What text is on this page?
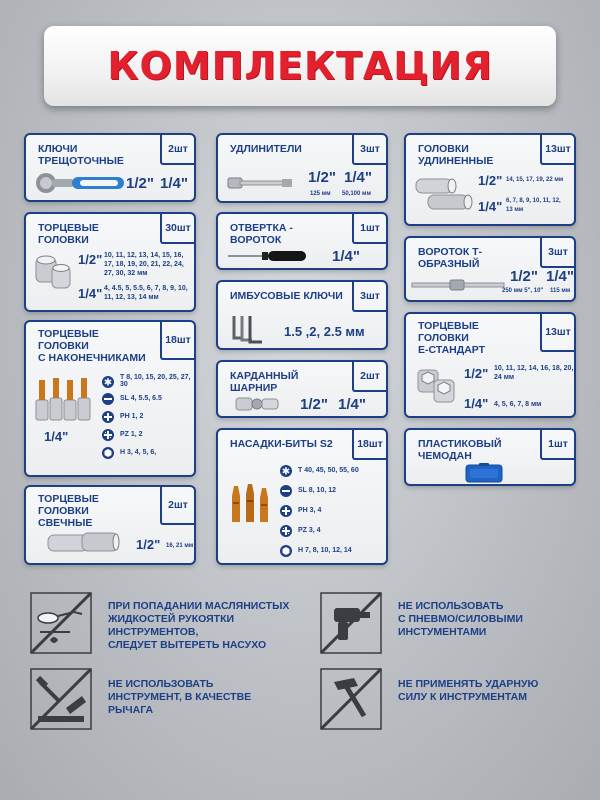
КОМПЛЕКТАЦИЯ
КЛЮЧИ ТРЕЩОТОЧНЫЕ
2шт
1/2" 1/4"
ТОРЦЕВЫЕ ГОЛОВКИ
30шт
1/2" 10, 11, 12, 13, 14, 15, 16, 17, 18, 19, 20, 21, 22, 24, 27, 30, 32 мм
1/4" 4, 4.5, 5, 5.5, 6, 7, 8, 9, 10, 11, 12, 13, 14 мм
ТОРЦЕВЫЕ ГОЛОВКИ
С НАКОНЕЧНИКАМИ
18шт
1/4"
✱ T 8, 10, 15, 20, 25, 27, 30
SL 4, 5.5, 6.5
PH 1, 2
PZ 1, 2
H 3, 4, 5, 6,
ТОРЦЕВЫЕ ГОЛОВКИ
СВЕЧНЫЕ
2шт
1/2" 16, 21 мм
УДЛИНИТЕЛИ	3шт
1/2" 1/4"
125 мм 50,100 мм
ОТВЕРТКА - ВОРОТОК
1шт
1/4"
ИМБУСОВЫЕ КЛЮЧИ	3шт
1.5 ,2, 2.5 мм
КАРДАННЫЙ ШАРНИР
2шт
1/2" 1/4"
НАСАДКИ-БИТЫ S2	18шт
✱ T 40, 45, 50, 55, 60
SL 8, 10, 12
PH 3, 4
PZ 3, 4
H 7, 8, 10, 12, 14
ГОЛОВКИ УДЛИНЕННЫЕ
13шт
1/2" 14, 15, 17, 19, 22 мм
1/4" 6, 7, 8, 9, 10, 11, 12, 13 мм
ВОРОТОК Т-ОБРАЗНЫЙ
3шт
1/2" 1/4"
250 мм 5", 10" 115 мм
ТОРЦЕВЫЕ ГОЛОВКИ
E-СТАНДАРТ
13шт
1/2" 10, 11, 12, 14, 16, 18, 20, 24 мм
1/4" 4, 5, 6, 7, 8 мм
ПЛАСТИКОВЫЙ ЧЕМОДАН
1шт
ПРИ ПОПАДАНИИ МАСЛЯНИСТЫХ
ЖИДКОСТЕЙ РУКОЯТКИ
ИНСТРУМЕНТОВ,
СЛЕДУЕТ ВЫТЕРЕТЬ НАСУХО
НЕ ИСПОЛЬЗОВАТЬ
С ПНЕВМО/СИЛОВЫМИ
ИНСТУМЕНТАМИ
НЕ ИСПОЛЬЗОВАТЬ
ИНСТРУМЕНТ, В КАЧЕСТВЕ
РЫЧАГА
НЕ ПРИМЕНЯТЬ УДАРНУЮ
СИЛУ К ИНСТРУМЕНТАМ
